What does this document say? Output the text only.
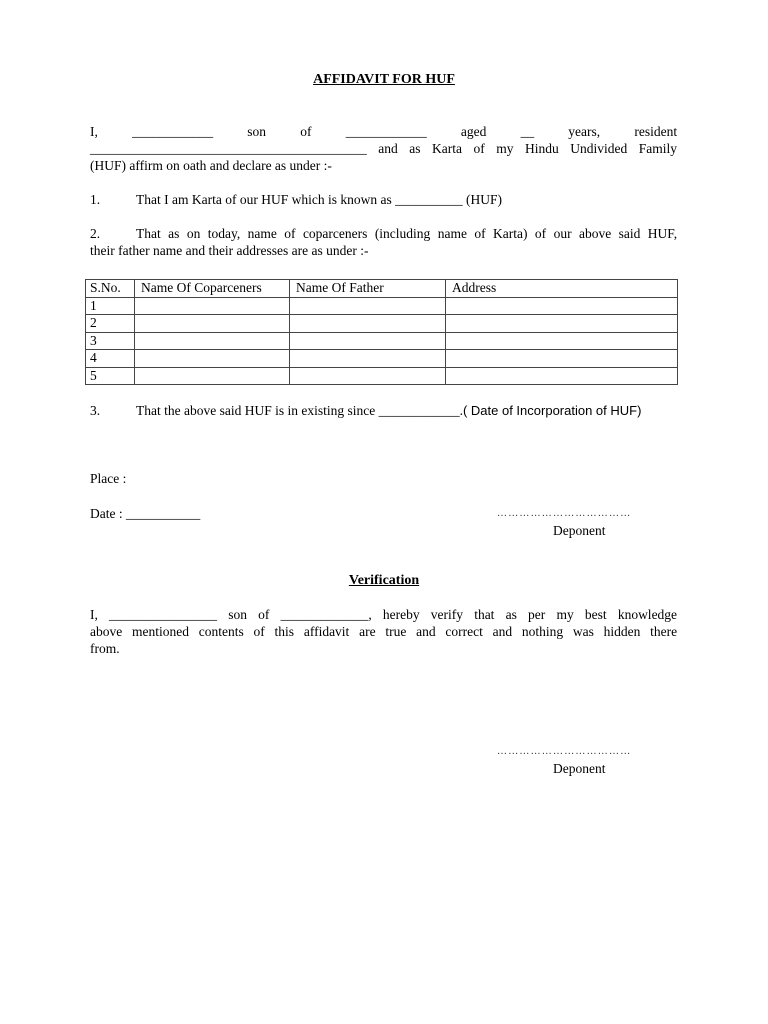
AFFIDAVIT FOR HUF
I,	____________	son	of	____________	aged	__	years,	resident
_________________________________________ and as Karta of my Hindu Undivided Family
(HUF) affirm on oath and declare as under :-
1.	That I am Karta of our HUF which is known as __________ (HUF)
2.	That as on today, name of coparceners (including name of Karta) of our above said HUF,
their father name and their addresses are as under :-
S.No.	Name Of Coparceners	Name Of Father	Address
1			
2			
3			
4			
5			
3.	That the above said HUF is in existing since ____________.( Date of Incorporation of HUF)
Place :
Date : ___________	………………………………
Deponent
Verification
I, ________________ son of _____________, hereby verify that as per my best knowledge
above mentioned contents of this affidavit are true and correct and nothing was hidden there
from.
………………………………
Deponent
